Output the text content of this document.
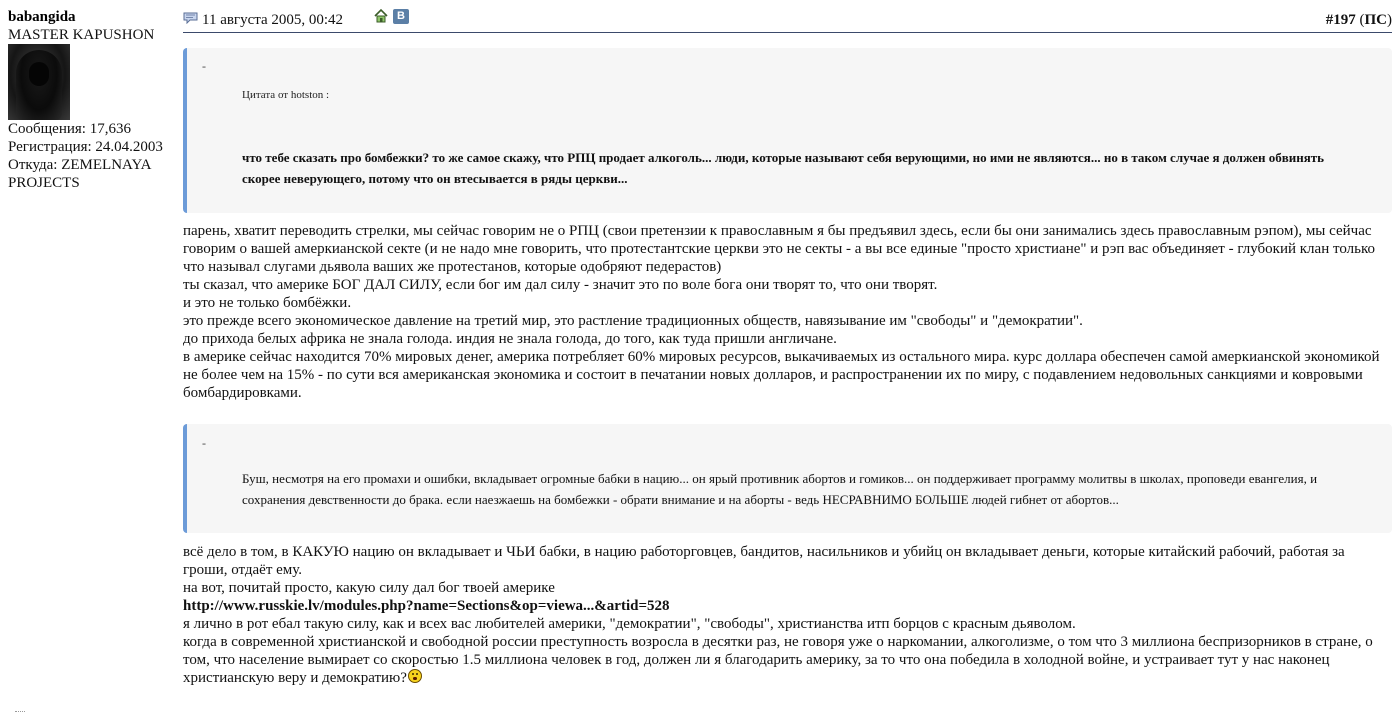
babangida
MASTER KAPUSHON
Сообщения: 17,636
Регистрация: 24.04.2003
Откуда: ZEMELNAYA PROJECTS
11 августа 2005, 00:42	В	#197 (ПС)
-
Цитата от hotston :
что тебе сказать про бомбежки? то же самое скажу, что РПЦ продает алкоголь... люди, которые называют себя верующими, но ими не являются... но в таком случае я должен обвинять скорее неверующего, потому что он втесывается в ряды церкви...
парень, хватит переводить стрелки, мы сейчас говорим не о РПЦ (свои претензии к православным я бы предъявил здесь, если бы они занимались здесь православным рэпом), мы сейчас говорим о вашей амеркианской секте (и не надо мне говорить, что протестантские церкви это не секты - а вы все единые "просто христиане" и рэп вас объединяет - глубокий клан только что называл слугами дьявола ваших же протестанов, которые одобряют педерастов)
ты сказал, что америке БОГ ДАЛ СИЛУ, если бог им дал силу - значит это по воле бога они творят то, что они творят.
и это не только бомбёжки.
это прежде всего экономическое давление на третий мир, это растление традиционных обществ, навязывание им "свободы" и "демократии".
до прихода белых африка не знала голода. индия не знала голода, до того, как туда пришли англичане.
в америке сейчас находится 70% мировых денег, америка потребляет 60% мировых ресурсов, выкачиваемых из остального мира. курс доллара обеспечен самой амеркианской экономикой не более чем на 15% - по сути вся американская экономика и состоит в печатании новых долларов, и распространении их по миру, с подавлением недовольных санкциями и ковровыми бомбардировками.
-
Буш, несмотря на его промахи и ошибки, вкладывает огромные бабки в нацию... он ярый противник абортов и гомиков... он поддерживает программу молитвы в школах, проповеди евангелия, и сохранения девственности до брака. если наезжаешь на бомбежки - обрати внимание и на аборты - ведь НЕСРАВНИМО БОЛЬШЕ людей гибнет от абортов...
всё дело в том, в КАКУЮ нацию он вкладывает и ЧЬИ бабки, в нацию работорговцев, бандитов, насильников и убийц он вкладывает деньги, которые китайский рабочий, работая за гроши, отдаёт ему.
на вот, почитай просто, какую силу дал бог твоей америке
http://www.russkie.lv/modules.php?name=Sections&op=viewa...&artid=528
я лично в рот ебал такую силу, как и всех вас любителей америки, "демократии", "свободы", христианства итп борцов с красным дьяволом.
когда в современной христианской и свободной россии преступность возросла в десятки раз, не говоря уже о наркомании, алкоголизме, о том что 3 миллиона беспризорников в стране, о том, что население вымирает со скоростью 1.5 миллиона человек в год, должен ли я благодарить америку, за то что она победила в холодной войне, и устраивает тут у нас наконец христианскую веру и демократию?
